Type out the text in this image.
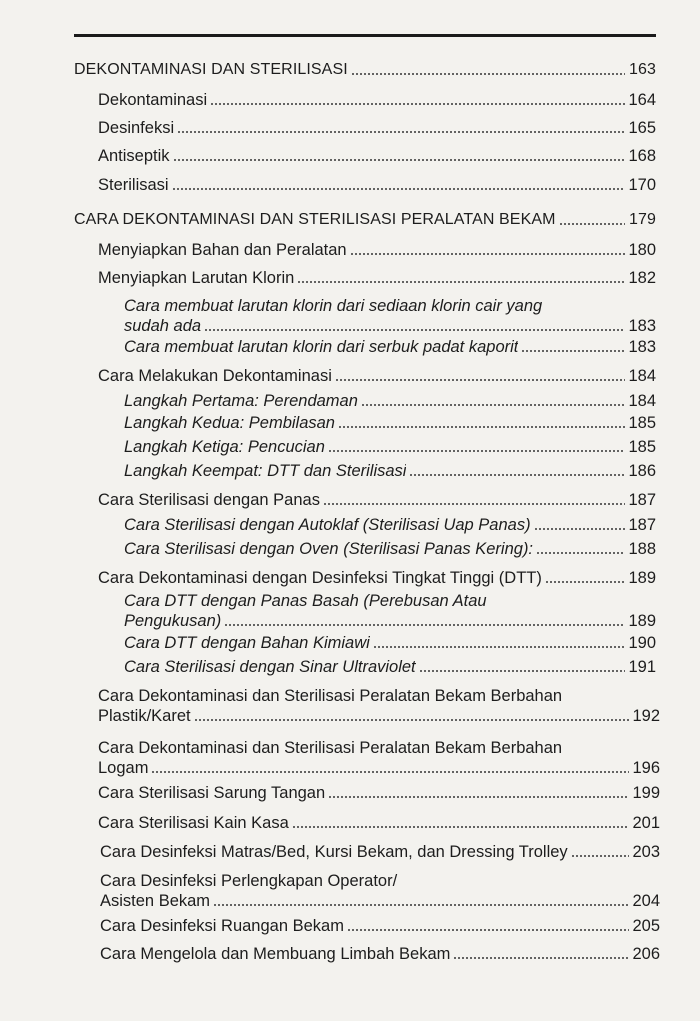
DEKONTAMINASI DAN STERILISASI	163
Dekontaminasi	164
Desinfeksi	165
Antiseptik	168
Sterilisasi	170
CARA DEKONTAMINASI DAN STERILISASI PERALATAN BEKAM	179
Menyiapkan Bahan dan Peralatan	180
Menyiapkan Larutan Klorin	182
Cara membuat larutan klorin dari sediaan klorin cair yang
sudah ada	183
Cara membuat larutan klorin dari serbuk padat kaporit	183
Cara Melakukan Dekontaminasi	184
Langkah Pertama: Perendaman	184
Langkah Kedua: Pembilasan	185
Langkah Ketiga: Pencucian	185
Langkah Keempat: DTT dan Sterilisasi	186
Cara Sterilisasi dengan Panas	187
Cara Sterilisasi dengan Autoklaf (Sterilisasi Uap Panas)	187
Cara Sterilisasi dengan Oven (Sterilisasi Panas Kering):	188
Cara Dekontaminasi dengan Desinfeksi Tingkat Tinggi (DTT)	189
Cara DTT dengan Panas Basah (Perebusan Atau
Pengukusan)	189
Cara DTT dengan Bahan Kimiawi	190
Cara Sterilisasi dengan Sinar Ultraviolet	191
Cara Dekontaminasi dan Sterilisasi Peralatan Bekam Berbahan
Plastik/Karet	192
Cara Dekontaminasi dan Sterilisasi Peralatan Bekam Berbahan
Logam	196
Cara Sterilisasi Sarung Tangan	199
Cara Sterilisasi Kain Kasa	201
Cara Desinfeksi Matras/Bed, Kursi Bekam, dan Dressing Trolley	203
Cara Desinfeksi Perlengkapan Operator/
Asisten Bekam	204
Cara Desinfeksi Ruangan Bekam	205
Cara Mengelola dan Membuang Limbah Bekam	206
